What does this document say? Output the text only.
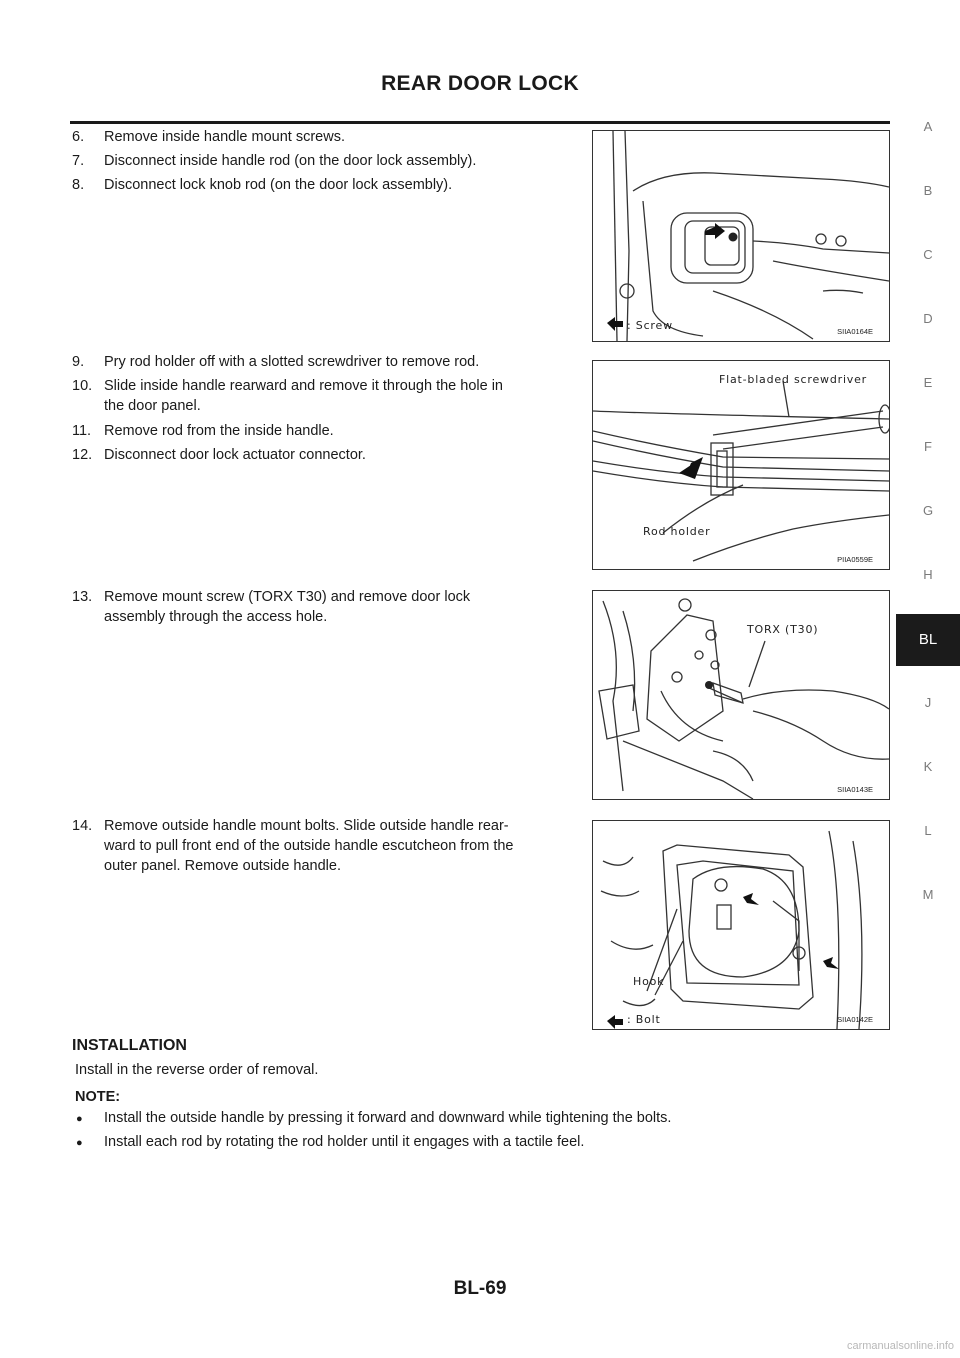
REAR DOOR LOCK
6. Remove inside handle mount screws.
7. Disconnect inside handle rod (on the door lock assembly).
8. Disconnect lock knob rod (on the door lock assembly).
: Screw	SIIA0164E
9. Pry rod holder off with a slotted screwdriver to remove rod.
10. Slide inside handle rearward and remove it through the hole in
the door panel.
11. Remove rod from the inside handle.
12. Disconnect door lock actuator connector.
Flat-bladed screwdriver
Rod holder
PIIA0559E
13. Remove mount screw (TORX T30) and remove door lock
assembly through the access hole.
TORX (T30)
SIIA0143E
14. Remove outside handle mount bolts. Slide outside handle rear-
ward to pull front end of the outside handle escutcheon from the
outer panel. Remove outside handle.
Hook
: Bolt	SIIA0142E
INSTALLATION
Install in the reverse order of removal.
NOTE:
● Install the outside handle by pressing it forward and downward while tightening the bolts.
● Install each rod by rotating the rod holder until it engages with a tactile feel.
A
B
C
D
E
F
G
H
BL
J
K
L
M
BL-69
carmanualsonline.info
